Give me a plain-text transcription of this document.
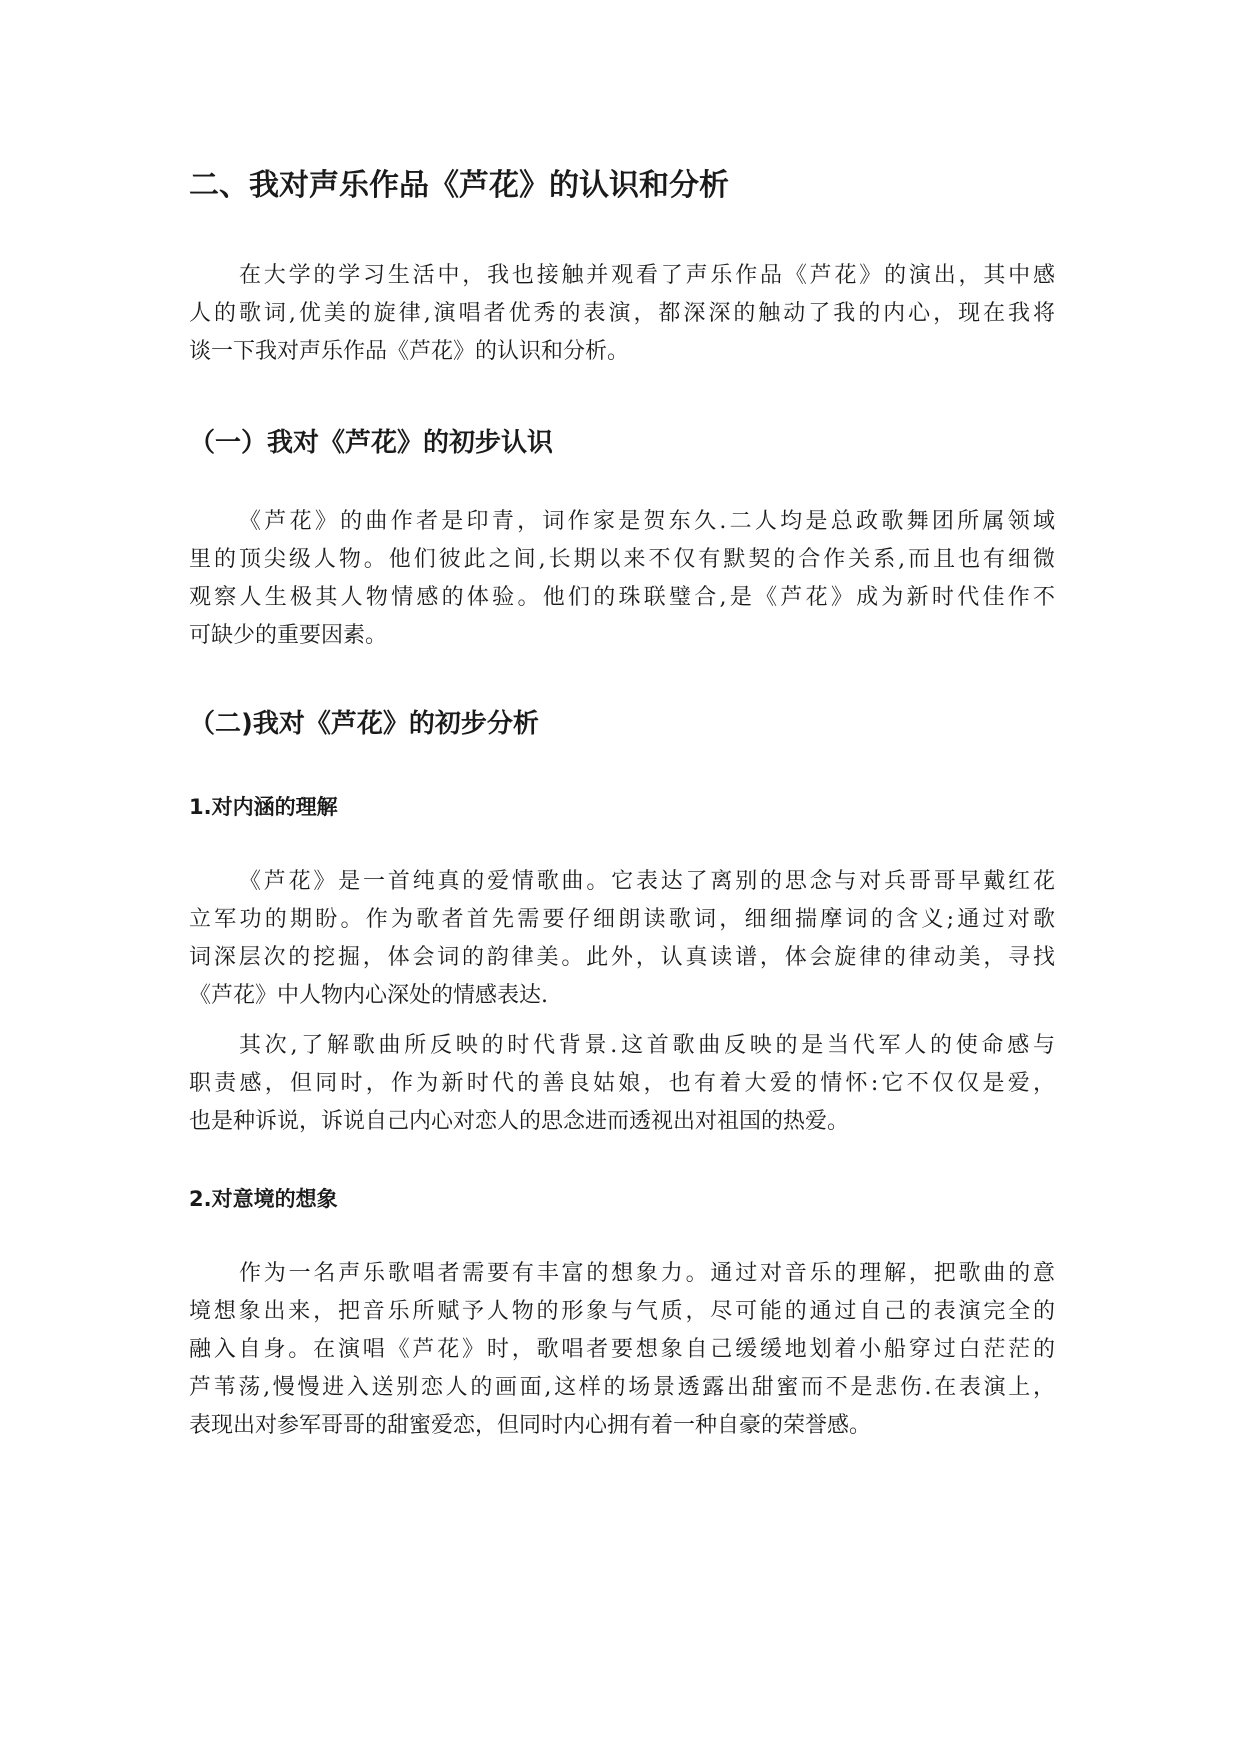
二、我对声乐作品《芦花》的认识和分析
在大学的学习生活中，我也接触并观看了声乐作品《芦花》的演出，其中感
人的歌词,优美的旋律,演唱者优秀的表演，都深深的触动了我的内心，现在我将
谈一下我对声乐作品《芦花》的认识和分析。
（一）我对《芦花》的初步认识
《芦花》的曲作者是印青，词作家是贺东久.二人均是总政歌舞团所属领域
里的顶尖级人物。他们彼此之间,长期以来不仅有默契的合作关系,而且也有细微
观察人生极其人物情感的体验。他们的珠联璧合,是《芦花》成为新时代佳作不
可缺少的重要因素。
（二)我对《芦花》的初步分析
1.对内涵的理解
《芦花》是一首纯真的爱情歌曲。它表达了离别的思念与对兵哥哥早戴红花
立军功的期盼。作为歌者首先需要仔细朗读歌词，细细揣摩词的含义;通过对歌
词深层次的挖掘，体会词的韵律美。此外，认真读谱，体会旋律的律动美，寻找
《芦花》中人物内心深处的情感表达.
其次,了解歌曲所反映的时代背景.这首歌曲反映的是当代军人的使命感与
职责感，但同时，作为新时代的善良姑娘，也有着大爱的情怀:它不仅仅是爱，
也是种诉说，诉说自己内心对恋人的思念进而透视出对祖国的热爱。
2.对意境的想象
作为一名声乐歌唱者需要有丰富的想象力。通过对音乐的理解，把歌曲的意
境想象出来，把音乐所赋予人物的形象与气质，尽可能的通过自己的表演完全的
融入自身。在演唱《芦花》时，歌唱者要想象自己缓缓地划着小船穿过白茫茫的
芦苇荡,慢慢进入送别恋人的画面,这样的场景透露出甜蜜而不是悲伤.在表演上，
表现出对参军哥哥的甜蜜爱恋，但同时内心拥有着一种自豪的荣誉感。
